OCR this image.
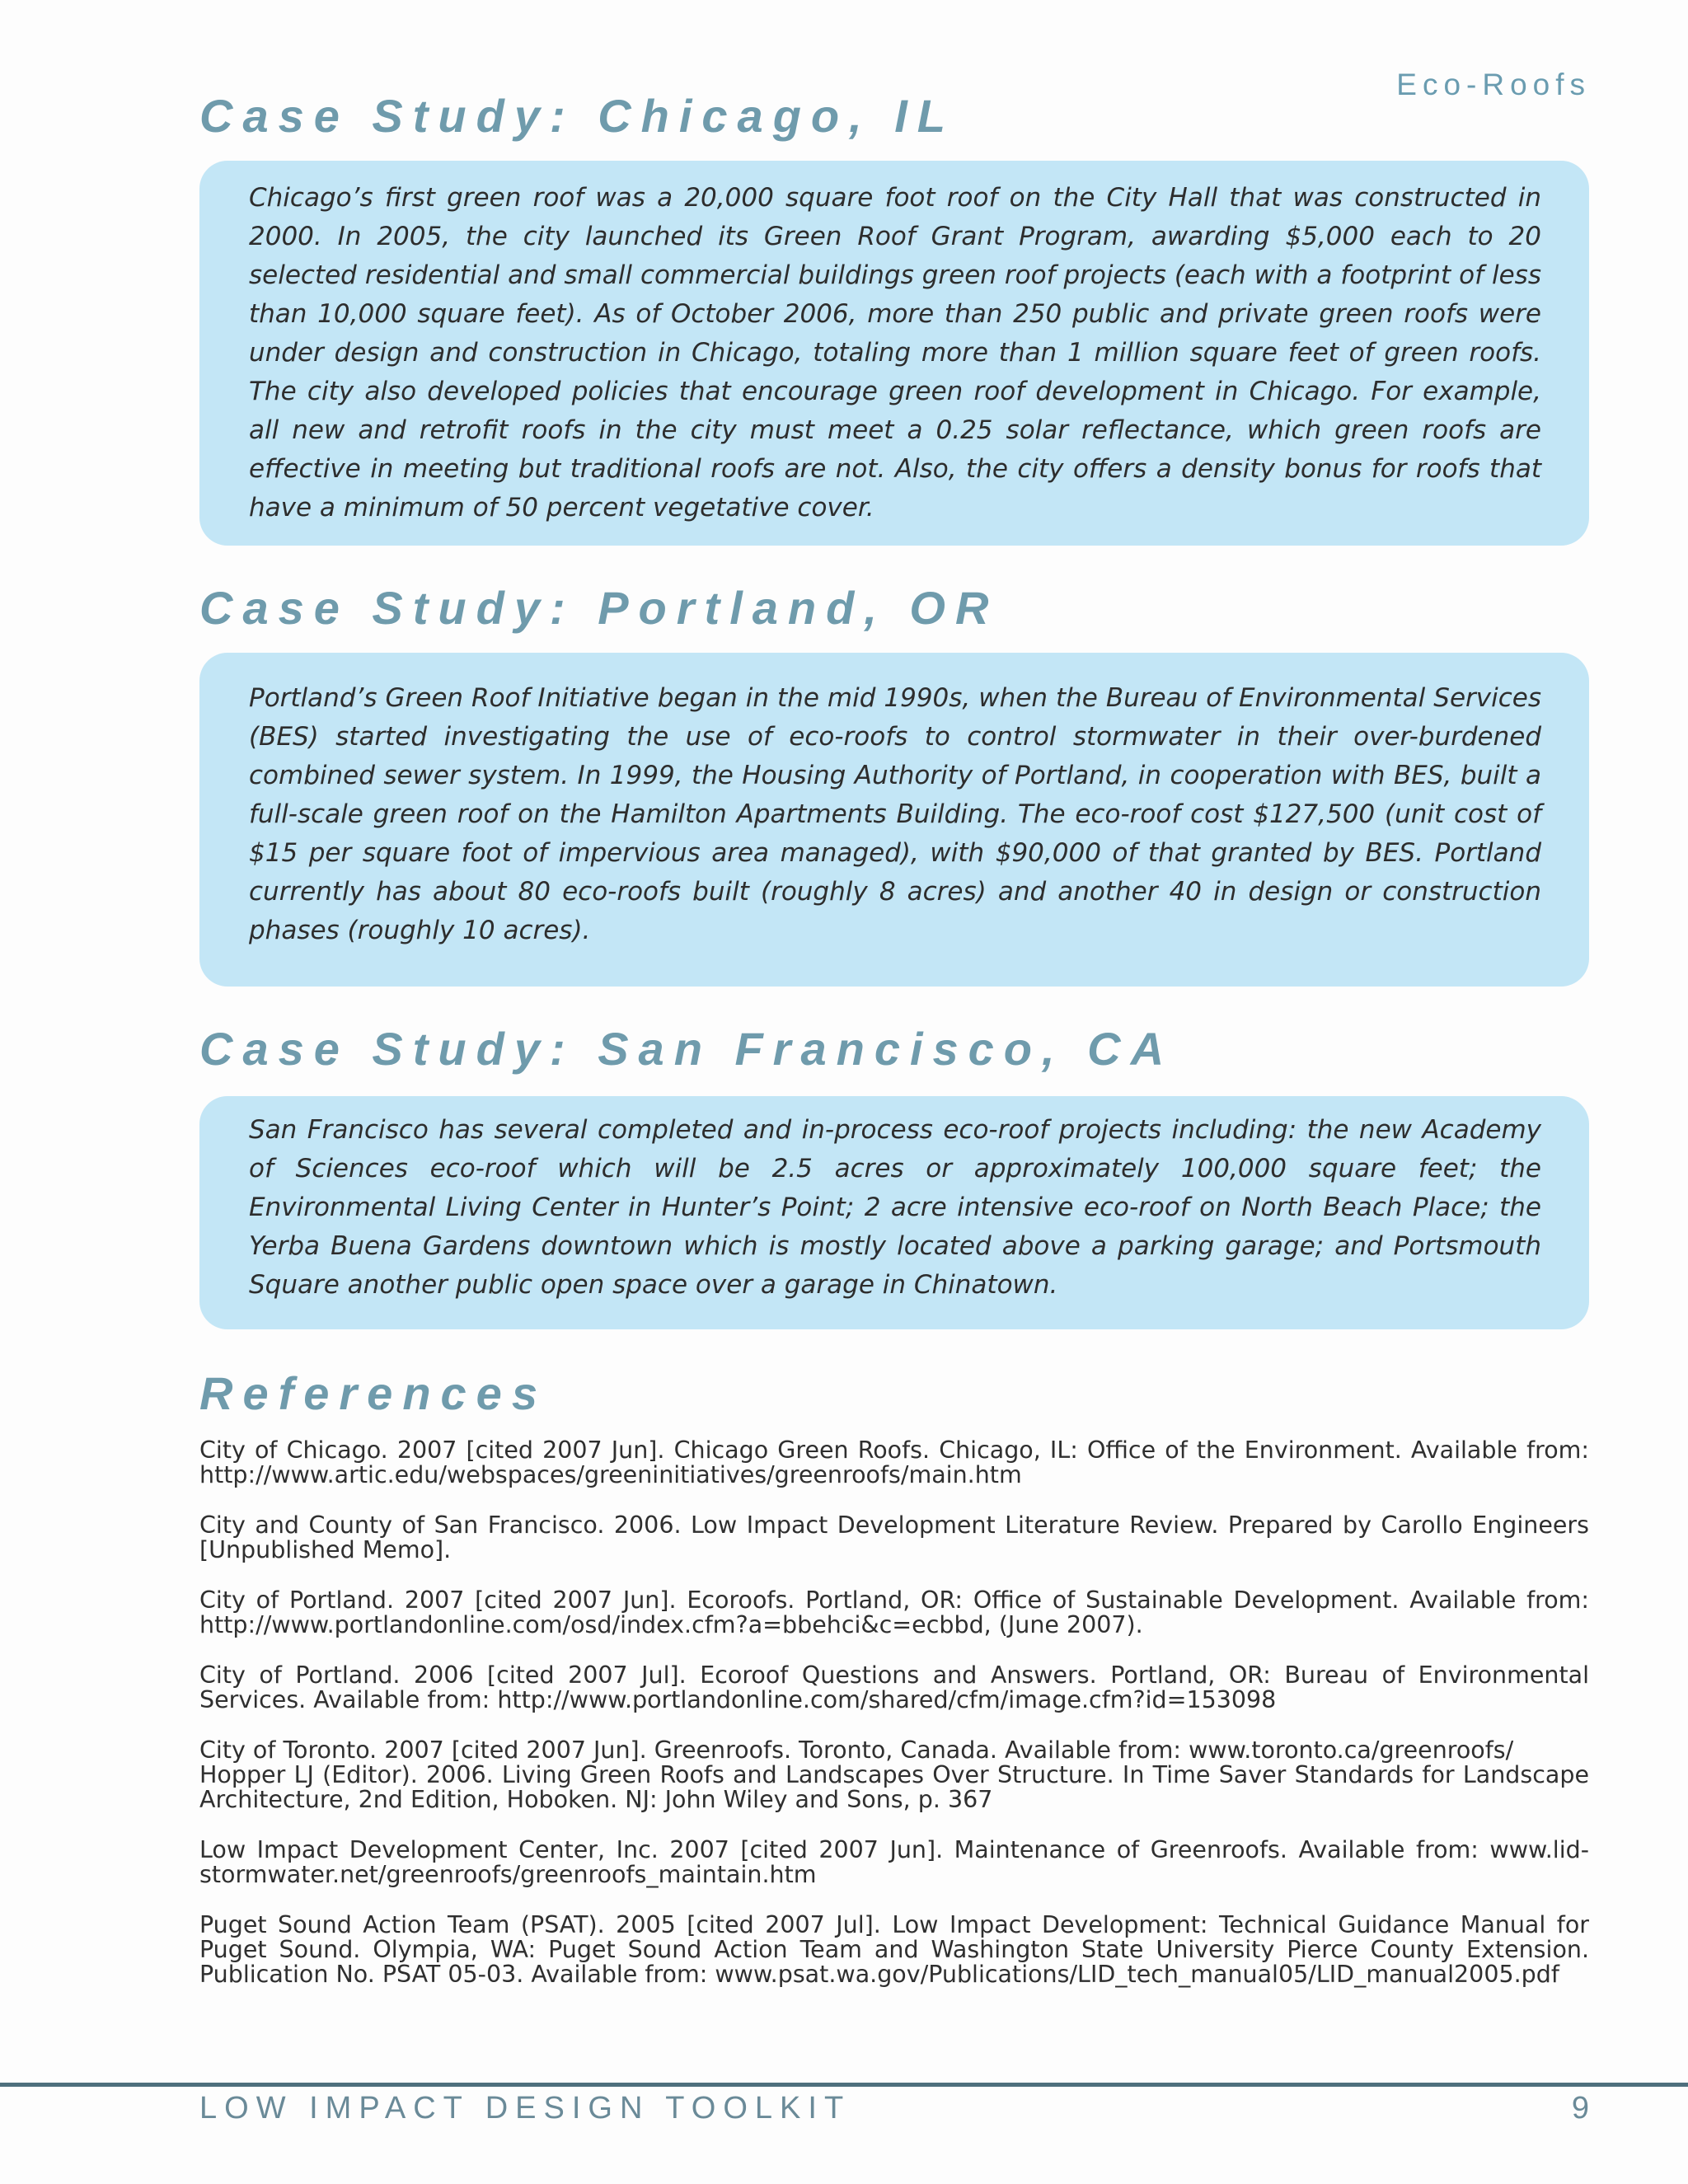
Eco-Roofs
Case Study: Chicago, IL

Chicago’s first green roof was a 20,000 square foot roof on the City Hall that was constructed in 2000. In 2005, the city launched its Green Roof Grant Program, awarding $5,000 each to 20 selected residential and small commercial buildings green roof projects (each with a footprint of less than 10,000 square feet). As of October 2006, more than 250 public and private green roofs were under design and construction in Chicago, totaling more than 1 million square feet of green roofs. The city also developed policies that encourage green roof development in Chicago. For example, all new and retrofit roofs in the city must meet a 0.25 solar reflectance, which green roofs are effective in meeting but traditional roofs are not. Also, the city offers a density bonus for roofs that have a minimum of 50 percent vegetative cover.

Case Study: Portland, OR

Portland’s Green Roof Initiative began in the mid 1990s, when the Bureau of Environmental Services (BES) started investigating the use of eco-roofs to control stormwater in their over-burdened combined sewer system. In 1999, the Housing Authority of Portland, in cooperation with BES, built a full-scale green roof on the Hamilton Apartments Building. The eco-roof cost $127,500 (unit cost of $15 per square foot of impervious area managed), with $90,000 of that granted by BES. Portland currently has about 80 eco-roofs built (roughly 8 acres) and another 40 in design or construction phases (roughly 10 acres).

Case Study: San Francisco, CA

San Francisco has several completed and in-process eco-roof projects including: the new Academy of Sciences eco-roof which will be 2.5 acres or approximately 100,000 square feet; the Environmental Living Center in Hunter’s Point; 2 acre intensive eco-roof on North Beach Place; the Yerba Buena Gardens downtown which is mostly located above a parking garage; and Portsmouth Square another public open space over a garage in Chinatown.

References

City of Chicago. 2007 [cited 2007 Jun]. Chicago Green Roofs. Chicago, IL: Office of the Environment. Available from: http://www.artic.edu/webspaces/greeninitiatives/greenroofs/main.htm

City and County of San Francisco. 2006. Low Impact Development Literature Review. Prepared by Carollo Engineers [Unpublished Memo].

City of Portland. 2007 [cited 2007 Jun]. Ecoroofs. Portland, OR: Office of Sustainable Development. Available from: http://www.portlandonline.com/osd/index.cfm?a=bbehci&c=ecbbd, (June 2007).

City of Portland. 2006 [cited 2007 Jul]. Ecoroof Questions and Answers. Portland, OR: Bureau of Environmental Services. Available from: http://www.portlandonline.com/shared/cfm/image.cfm?id=153098

City of Toronto. 2007 [cited 2007 Jun]. Greenroofs. Toronto, Canada. Available from: www.toronto.ca/greenroofs/

Hopper LJ (Editor). 2006. Living Green Roofs and Landscapes Over Structure. In Time Saver Standards for Landscape Architecture, 2nd Edition, Hoboken. NJ: John Wiley and Sons, p. 367

Low Impact Development Center, Inc. 2007 [cited 2007 Jun]. Maintenance of Greenroofs. Available from: www.lid-stormwater.net/greenroofs/greenroofs_maintain.htm

Puget Sound Action Team (PSAT). 2005 [cited 2007 Jul]. Low Impact Development: Technical Guidance Manual for Puget Sound. Olympia, WA: Puget Sound Action Team and Washington State University Pierce County Extension. Publication No. PSAT 05-03. Available from: www.psat.wa.gov/Publications/LID_tech_manual05/LID_manual2005.pdf

LOW IMPACT DESIGN TOOLKIT	9
